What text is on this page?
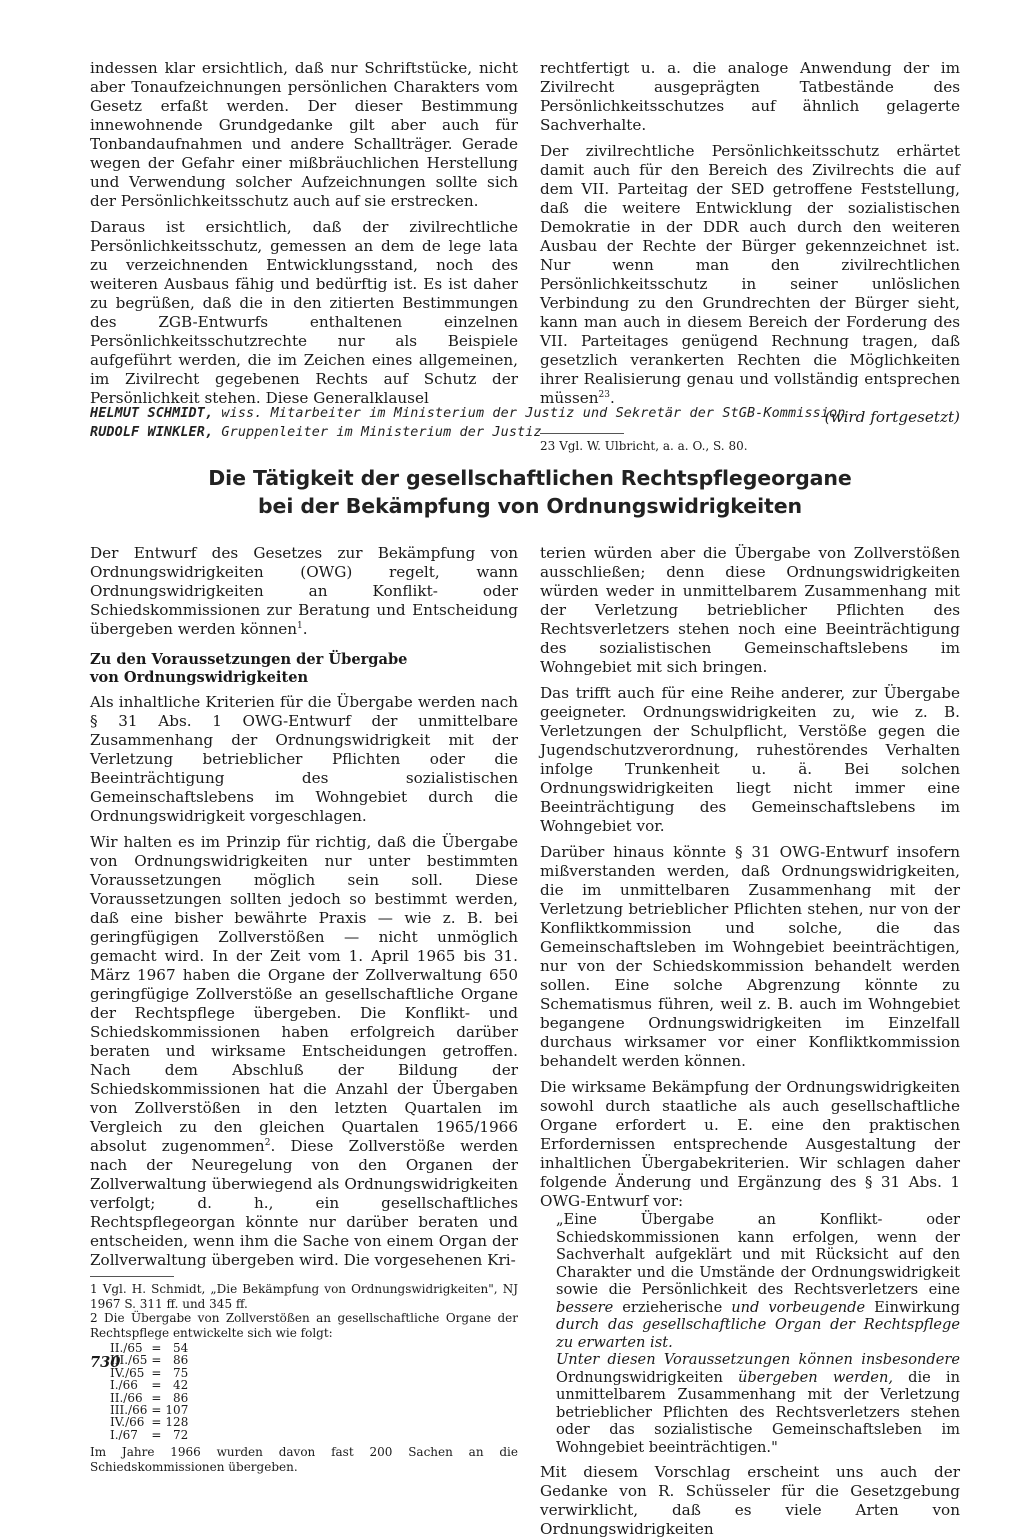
indessen klar ersichtlich, daß nur Schriftstücke, nicht aber Tonaufzeichnungen persönlichen Charakters vom Gesetz erfaßt werden. Der dieser Bestimmung innewohnende Grundgedanke gilt aber auch für Tonbandaufnahmen und andere Schallträger. Gerade wegen der Gefahr einer mißbräuchlichen Herstellung und Verwendung solcher Aufzeichnungen sollte sich der Persönlichkeitsschutz auch auf sie erstrecken.

Daraus ist ersichtlich, daß der zivilrechtliche Persönlichkeitsschutz, gemessen an dem de lege lata zu verzeichnenden Entwicklungsstand, noch des weiteren Ausbaus fähig und bedürftig ist. Es ist daher zu begrüßen, daß die in den zitierten Bestimmungen des ZGB-Entwurfs enthaltenen einzelnen Persönlichkeitsschutzrechte nur als Beispiele aufgeführt werden, die im Zeichen eines allgemeinen, im Zivilrecht gegebenen Rechts auf Schutz der Persönlichkeit stehen. Diese Generalklausel

rechtfertigt u. a. die analoge Anwendung der im Zivilrecht ausgeprägten Tatbestände des Persönlichkeitsschutzes auf ähnlich gelagerte Sachverhalte.

Der zivilrechtliche Persönlichkeitsschutz erhärtet damit auch für den Bereich des Zivilrechts die auf dem VII. Parteitag der SED getroffene Feststellung, daß die weitere Entwicklung der sozialistischen Demokratie in der DDR auch durch den weiteren Ausbau der Rechte der Bürger gekennzeichnet ist. Nur wenn man den zivilrechtlichen Persönlichkeitsschutz in seiner unlöslichen Verbindung zu den Grundrechten der Bürger sieht, kann man auch in diesem Bereich der Forderung des VII. Parteitages genügend Rechnung tragen, daß gesetzlich verankerten Rechten die Möglichkeiten ihrer Realisierung genau und vollständig entsprechen müssen$^{23}$.

(wird fortgesetzt)

23 Vgl. W. Ulbricht, a. a. O., S. 80.

HELMUT SCHMIDT, wiss. Mitarbeiter im Ministerium der Justiz und Sekretär der StGB-Kommission
RUDOLF WINKLER, Gruppenleiter im Ministerium der Justiz
Die Tätigkeit der gesellschaftlichen Rechtspflegeorgane
bei der Bekämpfung von Ordnungswidrigkeiten

Der Entwurf des Gesetzes zur Bekämpfung von Ordnungswidrigkeiten (OWG) regelt, wann Ordnungswidrigkeiten an Konflikt- oder Schiedskommissionen zur Beratung und Entscheidung übergeben werden können$^1$.

Zu den Voraussetzungen der Übergabe
von Ordnungswidrigkeiten

Als inhaltliche Kriterien für die Übergabe werden nach § 31 Abs. 1 OWG-Entwurf der unmittelbare Zusammenhang der Ordnungswidrigkeit mit der Verletzung betrieblicher Pflichten oder die Beeinträchtigung des sozialistischen Gemeinschaftslebens im Wohngebiet durch die Ordnungswidrigkeit vorgeschlagen.

Wir halten es im Prinzip für richtig, daß die Übergabe von Ordnungswidrigkeiten nur unter bestimmten Voraussetzungen möglich sein soll. Diese Voraussetzungen sollten jedoch so bestimmt werden, daß eine bisher bewährte Praxis — wie z. B. bei geringfügigen Zollverstößen — nicht unmöglich gemacht wird. In der Zeit vom 1. April 1965 bis 31. März 1967 haben die Organe der Zollverwaltung 650 geringfügige Zollverstöße an gesellschaftliche Organe der Rechtspflege übergeben. Die Konflikt- und Schiedskommissionen haben erfolgreich darüber beraten und wirksame Entscheidungen getroffen. Nach dem Abschluß der Bildung der Schiedskommissionen hat die Anzahl der Übergaben von Zollverstößen in den letzten Quartalen im Vergleich zu den gleichen Quartalen 1965/1966 absolut zugenommen$^2$. Diese Zollverstöße werden nach der Neuregelung von den Organen der Zollverwaltung überwiegend als Ordnungswidrigkeiten verfolgt; d. h., ein gesellschaftliches Rechtspflegeorgan könnte nur darüber beraten und entscheiden, wenn ihm die Sache von einem Organ der Zollverwaltung übergeben wird. Die vorgesehenen Kri-

1 Vgl. H. Schmidt, „Die Bekämpfung von Ordnungswidrigkeiten", NJ 1967 S. 311 ff. und 345 ff.

2 Die Übergabe von Zollverstößen an gesellschaftliche Organe der Rechtspflege entwickelte sich wie folgt:

II./65	=	54
III./65	=	86
IV./65	=	75
I./66	=	42
II./66	=	86
III./66	=	107
IV./66	=	128
I./67	=	72

Im Jahre 1966 wurden davon fast 200 Sachen an die Schiedskommissionen übergeben.

terien würden aber die Übergabe von Zollverstößen ausschließen; denn diese Ordnungswidrigkeiten würden weder in unmittelbarem Zusammenhang mit der Verletzung betrieblicher Pflichten des Rechtsverletzers stehen noch eine Beeinträchtigung des sozialistischen Gemeinschaftslebens im Wohngebiet mit sich bringen.

Das trifft auch für eine Reihe anderer, zur Übergabe geeigneter. Ordnungswidrigkeiten zu, wie z. B. Verletzungen der Schulpflicht, Verstöße gegen die Jugendschutzverordnung, ruhestörendes Verhalten infolge Trunkenheit u. ä. Bei solchen Ordnungswidrigkeiten liegt nicht immer eine Beeinträchtigung des Gemeinschaftslebens im Wohngebiet vor.

Darüber hinaus könnte § 31 OWG-Entwurf insofern mißverstanden werden, daß Ordnungswidrigkeiten, die im unmittelbaren Zusammenhang mit der Verletzung betrieblicher Pflichten stehen, nur von der Konfliktkommission und solche, die das Gemeinschaftsleben im Wohngebiet beeinträchtigen, nur von der Schiedskommission behandelt werden sollen. Eine solche Abgrenzung könnte zu Schematismus führen, weil z. B. auch im Wohngebiet begangene Ordnungswidrigkeiten im Einzelfall durchaus wirksamer vor einer Konfliktkommission behandelt werden können.

Die wirksame Bekämpfung der Ordnungswidrigkeiten sowohl durch staatliche als auch gesellschaftliche Organe erfordert u. E. eine den praktischen Erfordernissen entsprechende Ausgestaltung der inhaltlichen Übergabekriterien. Wir schlagen daher folgende Änderung und Ergänzung des § 31 Abs. 1 OWG-Entwurf vor:

„Eine Übergabe an Konflikt- oder Schiedskommissionen kann erfolgen, wenn der Sachverhalt aufgeklärt und mit Rücksicht auf den Charakter und die Umstände der Ordnungswidrigkeit sowie die Persönlichkeit des Rechtsverletzers eine bessere erzieherische und vorbeugende Einwirkung durch das gesellschaftliche Organ der Rechtspflege zu erwarten ist.

Unter diesen Voraussetzungen können insbesondere Ordnungswidrigkeiten übergeben werden, die in unmittelbarem Zusammenhang mit der Verletzung betrieblicher Pflichten des Rechtsverletzers stehen oder das sozialistische Gemeinschaftsleben im Wohngebiet beeinträchtigen."

Mit diesem Vorschlag erscheint uns auch der Gedanke von R. Schüsseler für die Gesetzgebung verwirklicht, daß es viele Arten von Ordnungswidrigkeiten

730
